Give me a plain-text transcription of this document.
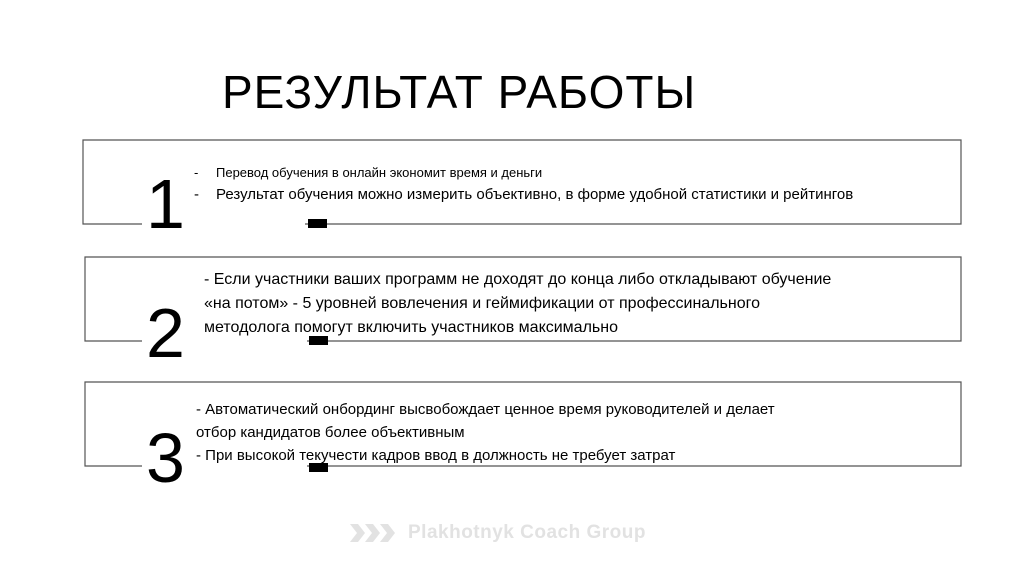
РЕЗУЛЬТАТ РАБОТЫ
1 - Перевод обучения в онлайн экономит время и деньги
- Результат обучения можно измерить объективно, в форме удобной статистики и рейтингов
2
- Если участники ваших программ не доходят до конца либо откладывают обучение
«на потом» - 5 уровней вовлечения и геймификации от профессинального
методолога помогут включить участников максимально
3
- Автоматический онбординг высвобождает ценное время руководителей и делает
отбор кандидатов более объективным
- При высокой текучести кадров ввод в должность не требует затрат
Plakhotnyk Coach Group
